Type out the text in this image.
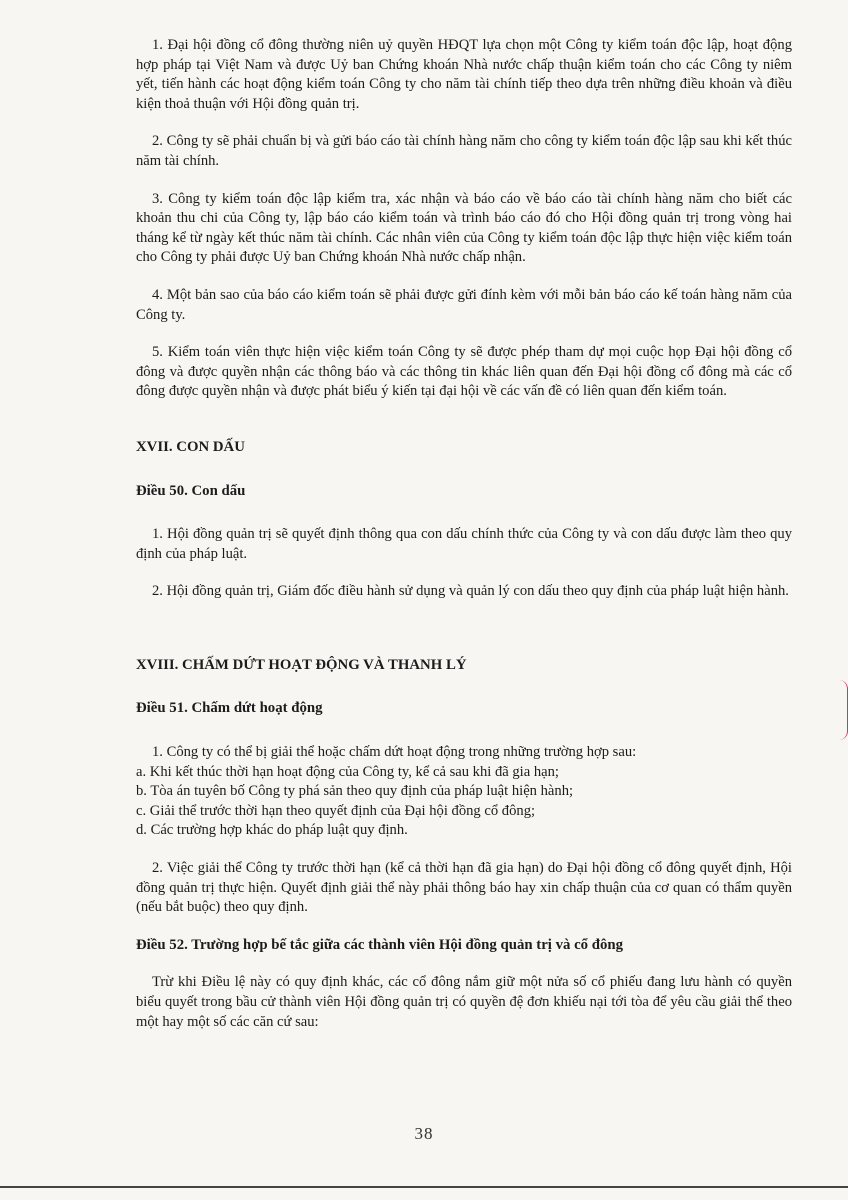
1. Đại hội đồng cổ đông thường niên uỷ quyền HĐQT lựa chọn một Công ty kiểm toán độc lập, hoạt động hợp pháp tại Việt Nam và được Uỷ ban Chứng khoán Nhà nước chấp thuận kiểm toán cho các Công ty niêm yết, tiến hành các hoạt động kiểm toán Công ty cho năm tài chính tiếp theo dựa trên những điều khoản và điều kiện thoả thuận với Hội đồng quản trị.

2. Công ty sẽ phải chuẩn bị và gửi báo cáo tài chính hàng năm cho công ty kiểm toán độc lập sau khi kết thúc năm tài chính.

3. Công ty kiểm toán độc lập kiểm tra, xác nhận và báo cáo về báo cáo tài chính hàng năm cho biết các khoản thu chi của Công ty, lập báo cáo kiểm toán và trình báo cáo đó cho Hội đồng quản trị trong vòng hai tháng kể từ ngày kết thúc năm tài chính. Các nhân viên của Công ty kiểm toán độc lập thực hiện việc kiểm toán cho Công ty phải được Uỷ ban Chứng khoán Nhà nước chấp nhận.

4. Một bản sao của báo cáo kiểm toán sẽ phải được gửi đính kèm với mỗi bản báo cáo kế toán hàng năm của Công ty.

5. Kiểm toán viên thực hiện việc kiểm toán Công ty sẽ được phép tham dự mọi cuộc họp Đại hội đồng cổ đông và được quyền nhận các thông báo và các thông tin khác liên quan đến Đại hội đồng cổ đông mà các cổ đông được quyền nhận và được phát biểu ý kiến tại đại hội về các vấn đề có liên quan đến kiểm toán.

XVII. CON DẤU

Điều 50. Con dấu

1. Hội đồng quản trị sẽ quyết định thông qua con dấu chính thức của Công ty và con dấu được làm theo quy định của pháp luật.

2. Hội đồng quản trị, Giám đốc điều hành sử dụng và quản lý con dấu theo quy định của pháp luật hiện hành.

XVIII. CHẤM DỨT HOẠT ĐỘNG VÀ THANH LÝ

Điều 51. Chấm dứt hoạt động

1. Công ty có thể bị giải thể hoặc chấm dứt hoạt động trong những trường hợp sau:

a. Khi kết thúc thời hạn hoạt động của Công ty, kể cả sau khi đã gia hạn;

b. Tòa án tuyên bố Công ty phá sản theo quy định của pháp luật hiện hành;

c. Giải thể trước thời hạn theo quyết định của Đại hội đồng cổ đông;

d. Các trường hợp khác do pháp luật quy định.

2. Việc giải thể Công ty trước thời hạn (kể cả thời hạn đã gia hạn) do Đại hội đồng cổ đông quyết định, Hội đồng quản trị thực hiện. Quyết định giải thể này phải thông báo hay xin chấp thuận của cơ quan có thẩm quyền (nếu bắt buộc) theo quy định.

Điều 52. Trường hợp bế tắc giữa các thành viên Hội đồng quản trị và cổ đông

Trừ khi Điều lệ này có quy định khác, các cổ đông nắm giữ một nửa số cổ phiếu đang lưu hành có quyền biểu quyết trong bầu cử thành viên Hội đồng quản trị có quyền đệ đơn khiếu nại tới tòa để yêu cầu giải thể theo một hay một số các căn cứ sau:

38
